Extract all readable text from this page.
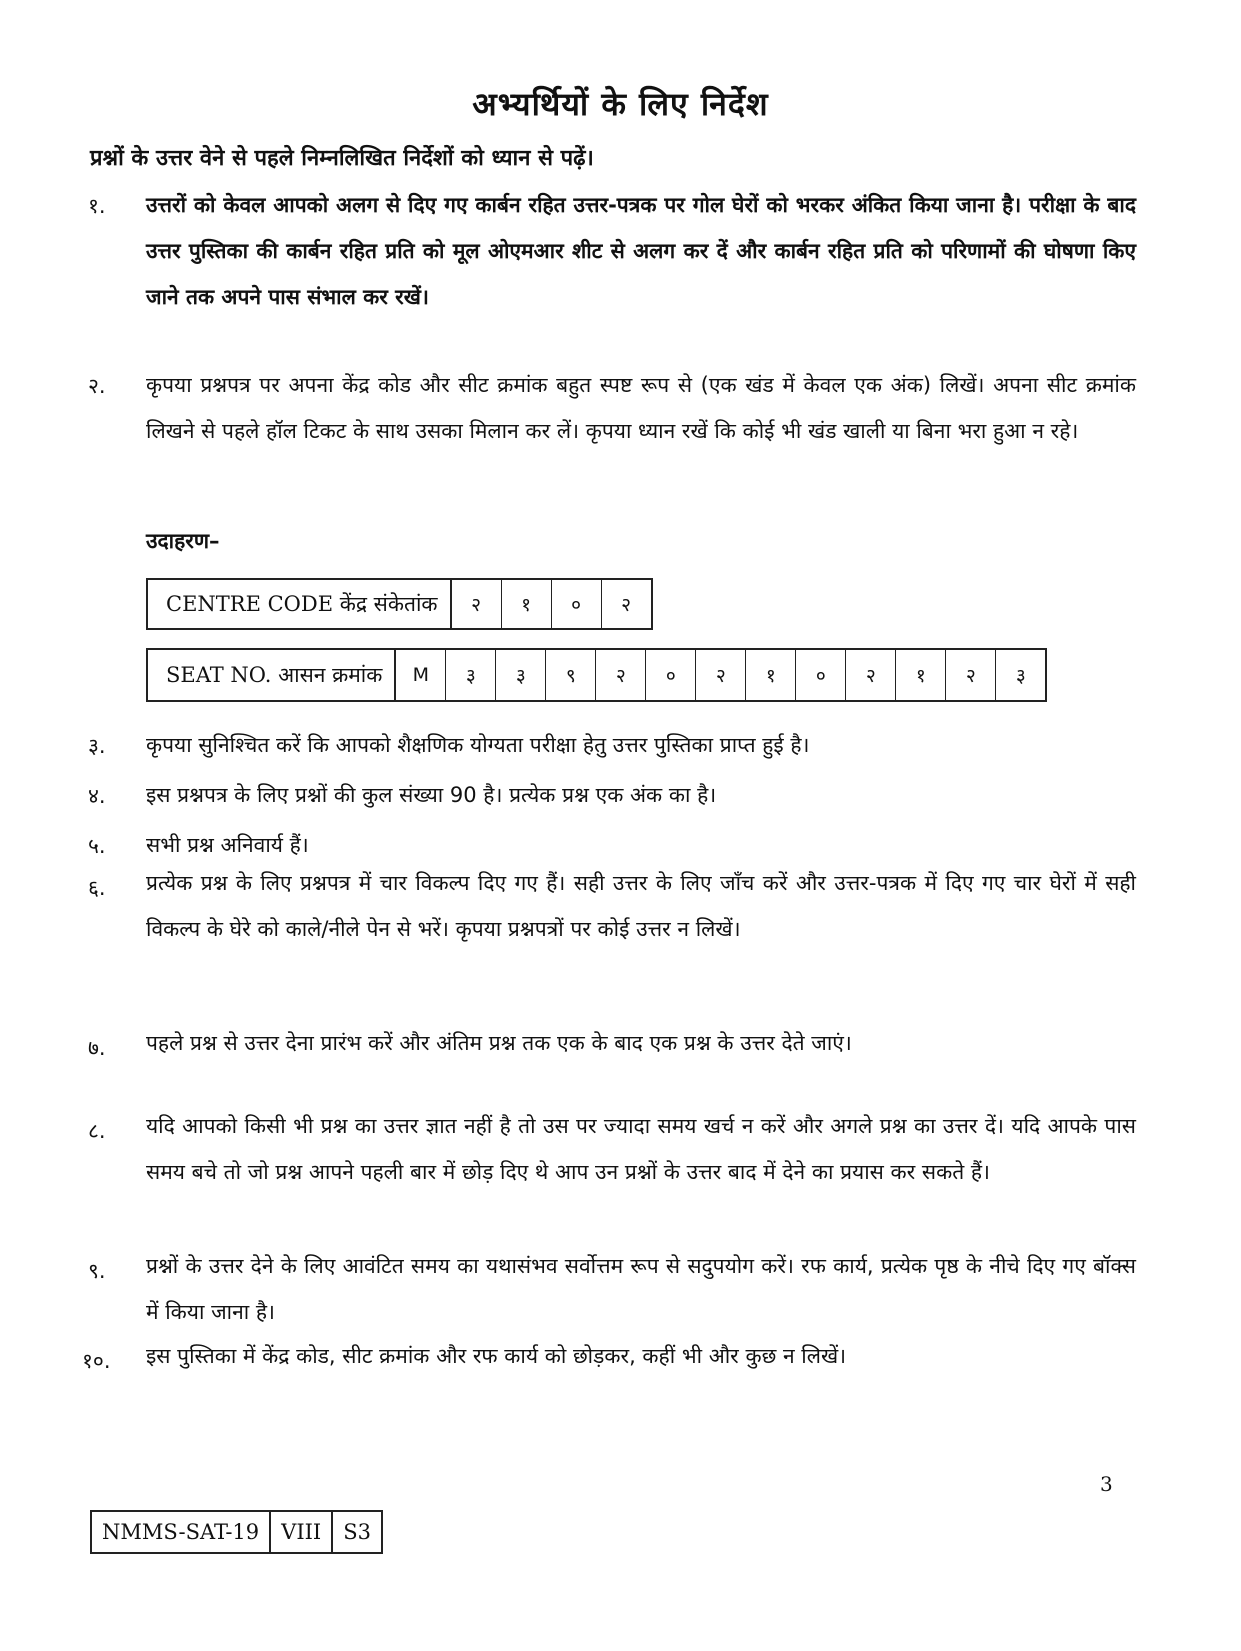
अभ्यर्थियों के लिए निर्देश
प्रश्नों के उत्तर वेने से पहले निम्नलिखित निर्देशों को ध्यान से पढ़ें।
१.	उत्तरों को केवल आपको अलग से दिए गए कार्बन रहित उत्तर-पत्रक पर गोल घेरों को भरकर अंकित किया जाना है। परीक्षा के बाद उत्तर पुस्तिका की कार्बन रहित प्रति को मूल ओएमआर शीट से अलग कर दें और कार्बन रहित प्रति को परिणामों की घोषणा किए जाने तक अपने पास संभाल कर रखें।
२.	कृपया प्रश्नपत्र पर अपना केंद्र कोड और सीट क्रमांक बहुत स्पष्ट रूप से (एक खंड में केवल एक अंक) लिखें। अपना सीट क्रमांक लिखने से पहले हॉल टिकट के साथ उसका मिलान कर लें। कृपया ध्यान रखें कि कोई भी खंड खाली या बिना भरा हुआ न रहे।
उदाहरण–
CENTRE CODE केंद्र संकेतांक	२	१	०	२
SEAT NO. आसन क्रमांक	M	३	३	९	२	०	२	१	०	२	१	२	३
३.	कृपया सुनिश्चित करें कि आपको शैक्षणिक योग्यता परीक्षा हेतु उत्तर पुस्तिका प्राप्त हुई है।
४.	इस प्रश्नपत्र के लिए प्रश्नों की कुल संख्या 90 है। प्रत्येक प्रश्न एक अंक का है।
५.	सभी प्रश्न अनिवार्य हैं।
६.	प्रत्येक प्रश्न के लिए प्रश्नपत्र में चार विकल्प दिए गए हैं। सही उत्तर के लिए जाँच करें और उत्तर-पत्रक में दिए गए चार घेरों में सही विकल्प के घेरे को काले/नीले पेन से भरें। कृपया प्रश्नपत्रों पर कोई उत्तर न लिखें।
७.	पहले प्रश्न से उत्तर देना प्रारंभ करें और अंतिम प्रश्न तक एक के बाद एक प्रश्न के उत्तर देते जाएं।
८.	यदि आपको किसी भी प्रश्न का उत्तर ज्ञात नहीं है तो उस पर ज्यादा समय खर्च न करें और अगले प्रश्न का उत्तर दें। यदि आपके पास समय बचे तो जो प्रश्न आपने पहली बार में छोड़ दिए थे आप उन प्रश्नों के उत्तर बाद में देने का प्रयास कर सकते हैं।
९.	प्रश्नों के उत्तर देने के लिए आवंटित समय का यथासंभव सर्वोत्तम रूप से सदुपयोग करें। रफ कार्य, प्रत्येक पृष्ठ के नीचे दिए गए बॉक्स में किया जाना है।
१०.	इस पुस्तिका में केंद्र कोड, सीट क्रमांक और रफ कार्य को छोड़कर, कहीं भी और कुछ न लिखें।
3
NMMS-SAT-19	VIII	S3
